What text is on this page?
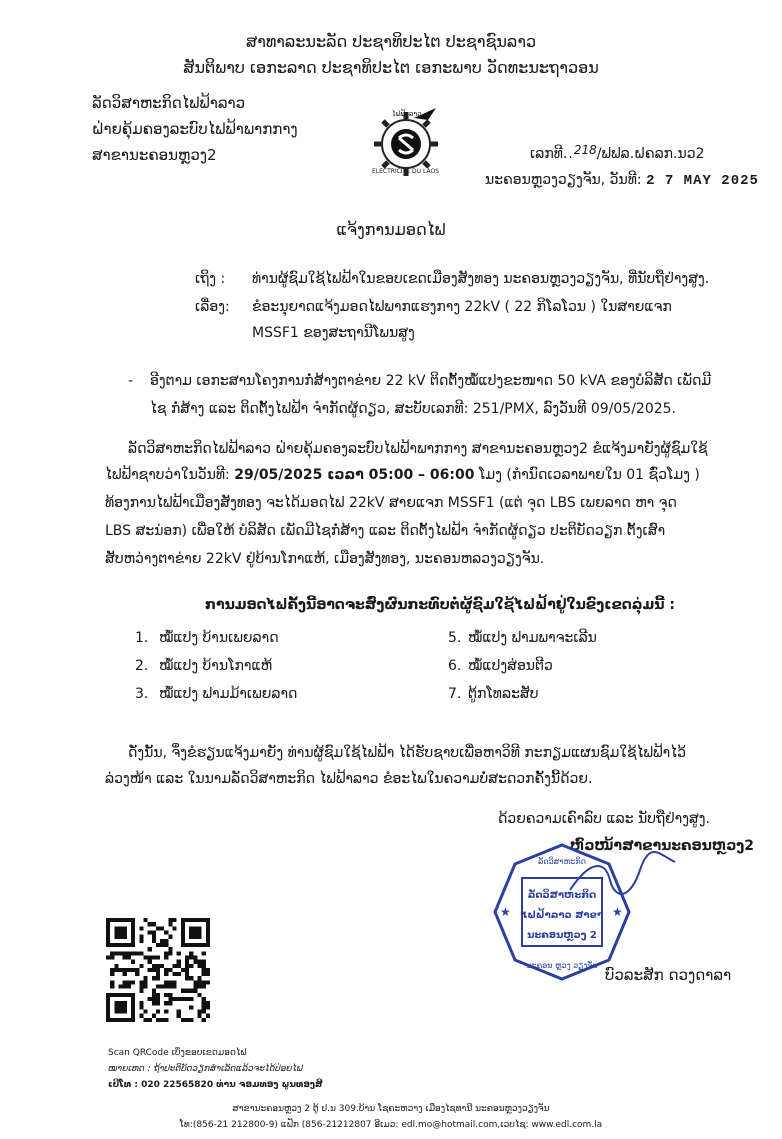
ສາທາລະນະລັດ ປະຊາທິປະໄຕ ປະຊາຊົນລາວ
ສັນຕິພາບ ເອກະລາດ ປະຊາທິປະໄຕ ເອກະພາບ ວັດທະນະຖາວອນ
ລັດວິສາຫະກິດໄຟຟ້າລາວ
ຝ່າຍຄຸ້ມຄອງລະບົບໄຟຟ້າພາກກາງ
ສາຂານະຄອນຫຼວງ2
ໄຟຟ້າລາວ
ELECTRICITE DU LAOS
ເລກທີ..218/ຟຟລ.ຝຄລກ.ນວ2
ນະຄອນຫຼວງວຽງຈັນ, ວັນທີ: 2 7 MAY 2025
ແຈ້ງການມອດໄຟ
ເຖິງ : ທ່ານຜູ້ຊົມໃຊ້ໄຟຟ້າໃນຂອບເຂດເມືອງສັງທອງ ນະຄອນຫຼວງວຽງຈັນ, ທີ່ນັບຖືຢ່າງສູງ.
ເລື່ອງ: ຂໍອະນຸຍາດແຈ້ງມອດໄຟພາກແຮງກາງ 22kV ( 22 ກິໂລໂວນ ) ໃນສາຍແຈກ
MSSF1 ຂອງສະຖານີໂພນສູງ
- ອີງຕາມ ເອກະສານໂຄງການກໍ່ສ້າງຕາຂ່າຍ 22 kV ຕິດຕັ້ງໝໍ້ແປງຂະໜາດ 50 kVA ຂອງບໍລິສັດ ເພັດມີ
ໄຊ ກໍ່ສ້າງ ແລະ ຕິດຕັ້ງໄຟຟ້າ ຈຳກັດຜູ້ດຽວ, ສະບັບເລກທີ: 251/PMX, ລົງວັນທີ 09/05/2025.
ລັດວິສາຫະກິດໄຟຟ້າລາວ ຝ່າຍຄຸ້ມຄອງລະບົບໄຟຟ້າພາກກາງ ສາຂານະຄອນຫຼວງ2 ຂໍແຈ້ງມາຍັງຜູ້ຊົມໃຊ້
ໄຟຟ້າຊາບວ່າໃນວັນທີ: 29/05/2025 ເວລາ 05:00 – 06:00 ໂມງ (ກຳນົດເວລາພາຍໃນ 01 ຊົ່ວໂມງ )
ທ້ອງການໄຟຟ້າເມືອງສັງທອງ ຈະໄດ້ມອດໄຟ 22kV ສາຍແຈກ MSSF1 (ແຕ່ ຈຸດ LBS ເພຍລາດ ຫາ ຈຸດ
LBS ສະນ່ອກ) ເພື່ອໃຫ້ ບໍລິສັດ ເພັດມີໄຊກໍ່ສ້າງ ແລະ ຕິດຕັ້ງໄຟຟ້າ ຈຳກັດຜູ້ດຽວ ປະຕິບັດວຽກ ຕັ້ງເສົາ
ສັບຫວ່າງຕາຂ່າຍ 22kV ຢູ່ບ້ານໂກາແຫ້, ເມືອງສັງທອງ, ນະຄອນຫລວງວຽງຈັນ.
ການມອດໄຟຄັ້ງນີ້ອາດຈະສົ່ງຜົນກະທົບຕໍ່ຜູ້ຊົມໃຊ້ໄຟຟ້າຢູ່ໃນຂົງເຂດລຸ່ມນີ້ :
1. ໝໍ້ແປງ ບ້ານເພຍລາດ
2. ໝໍ້ແປງ ບ້ານໂກາແຫ້
3. ໝໍ້ແປງ ຟາມມ້າເພຍລາດ
5. ໝໍ້ແປງ ຟາມພາຈະເລີນ
6. ໝໍ້ແປງສ່ອນຕີວ
7. ຕູ້ກໂທລະສັບ
ດັ່ງນັ້ນ, ຈຶ່ງຂໍຮຽນແຈ້ງມາຍັງ ທ່ານຜູ້ຊົມໃຊ້ໄຟຟ້າ ໄດ້ຮັບຊາບເພື່ອຫາວິທີ ກະກຽມແຜນຊົມໃຊ້ໄຟຟ້າໄວ້
ລ່ວງໜ້າ ແລະ ໃນນາມລັດວິສາຫະກິດ ໄຟຟ້າລາວ ຂໍອະໄພໃນຄວາມບໍ່ສະດວກຄັ້ງນີ້ດ້ວຍ.
ດ້ວຍຄວາມເຄົາລົບ ແລະ ນັບຖືຢ່າງສູງ.
ຫົວໜ້າສາຂານະຄອນຫຼວງ2
★	★
ລັດວິສາຫະກິດ
ລັດວິສາຫະກິດ
ໄຟຟ້າລາວ ສາຂາ
ນະຄອນຫຼວງ 2
ນະຄອນ ຫຼວງ ວຽງຈັນ
ບົວລະສັກ ດວງດາລາ
Scan QRCode ເບິ່ງຂອບເຂດມອດໄຟ
ໝາຍເຫດ : ຖ້າປະຕິບັດວຽກສຳເລັດແລ້ວຈະໄດ້ປ່ອຍໄຟ
ເບີໂທ : 020 22565820 ທ່ານ ຈອມທອງ ພູນທອງສີ
ສາຂານະຄອນຫຼວງ 2 ຕູ້ ປ.ນ 309.ບ້ານ ໂຊຄະຫວາງ ເມືອງໄຊທານີ ນະຄອນຫຼວງວຽງຈັນ
ໂທ:(856-21 212800-9) ແຟັກ (856-21212807 ອີເມວ: edl.mo@hotmail.com,ເວບໄຊ: www.edl.com.la
